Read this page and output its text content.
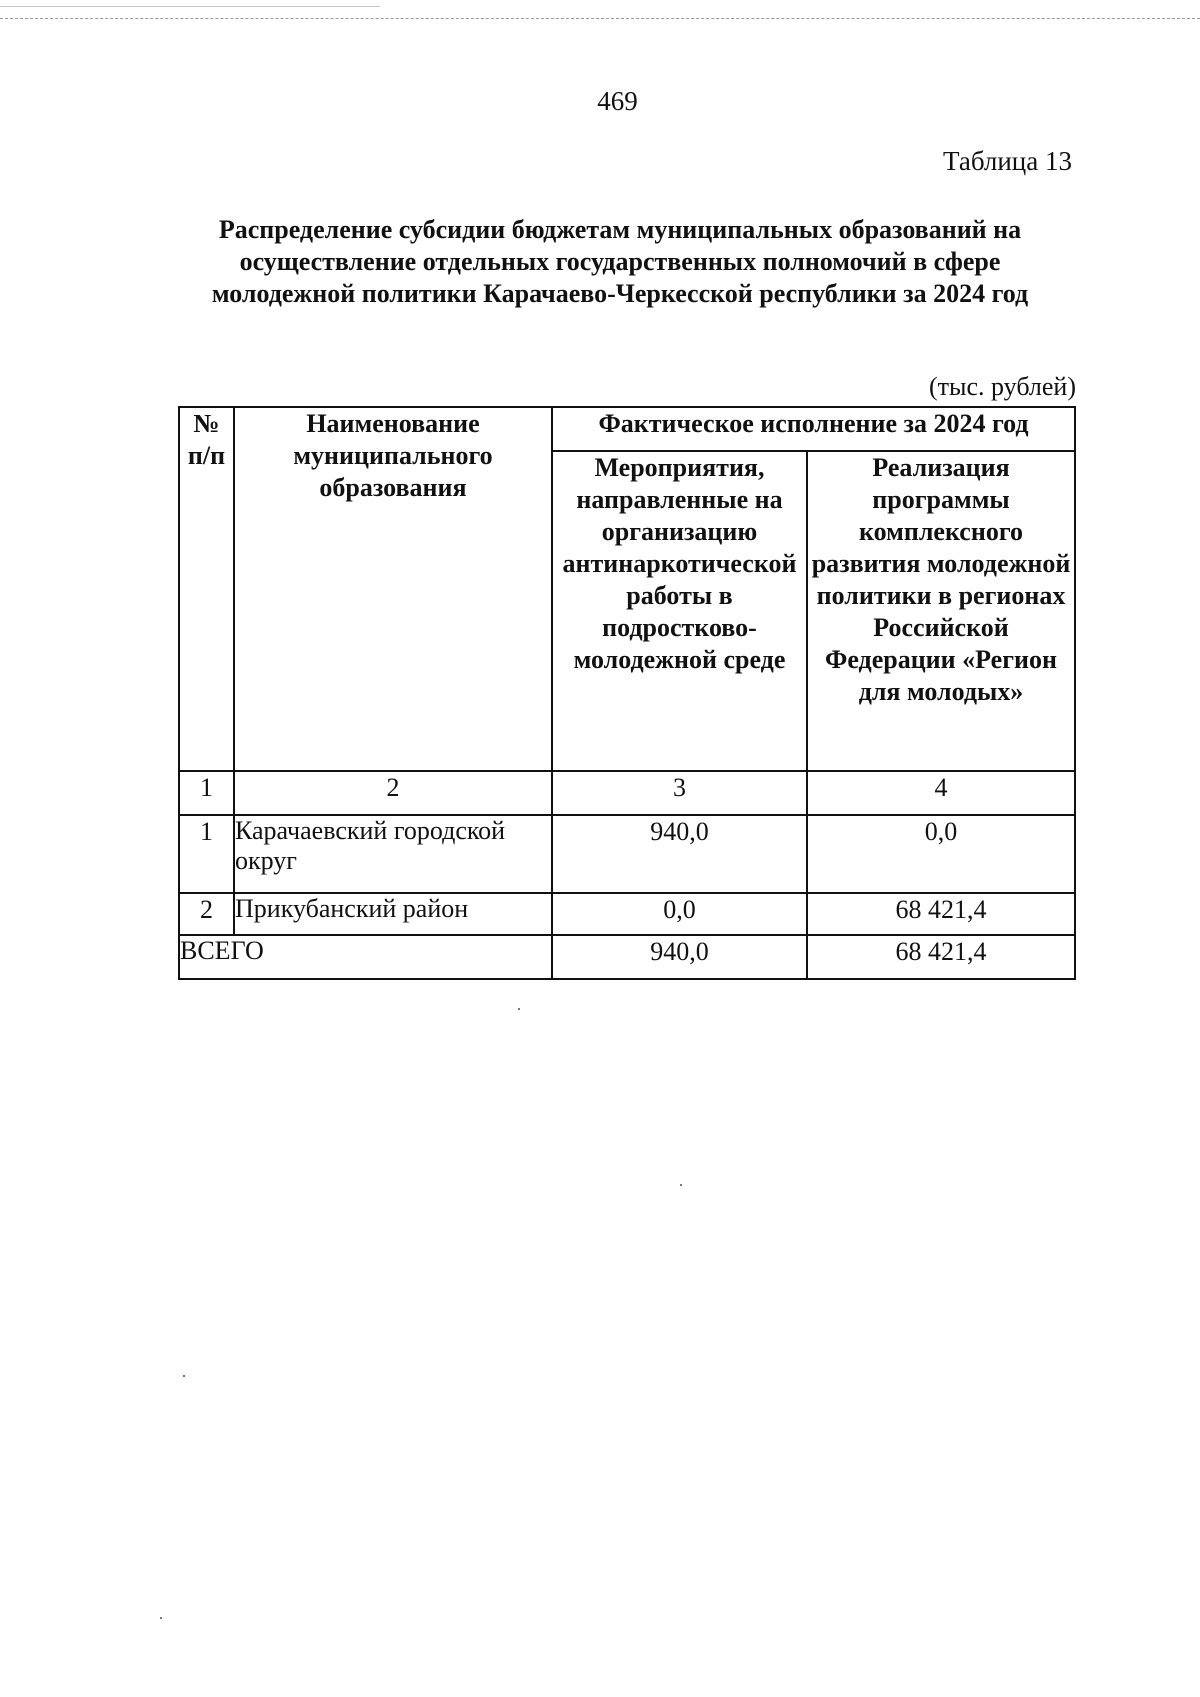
469
Таблица 13
Распределение субсидии бюджетам муниципальных образований на
осуществление отдельных государственных полномочий в сфере
молодежной политики Карачаево-Черкесской республики за 2024 год
(тыс. рублей)
№ п/п	Наименование муниципального образования	Фактическое исполнение за 2024 год	
		Мероприятия, направленные на организацию антинаркотической работы в подростково-молодежной среде	Реализация программы комплексного развития молодежной политики в регионах Российской Федерации «Регион для молодых»
1	2	3	4
1	Карачаевский городской округ	940,0	0,0
2	Прикубанский район	0,0	68 421,4
ВСЕГО		940,0	68 421,4
